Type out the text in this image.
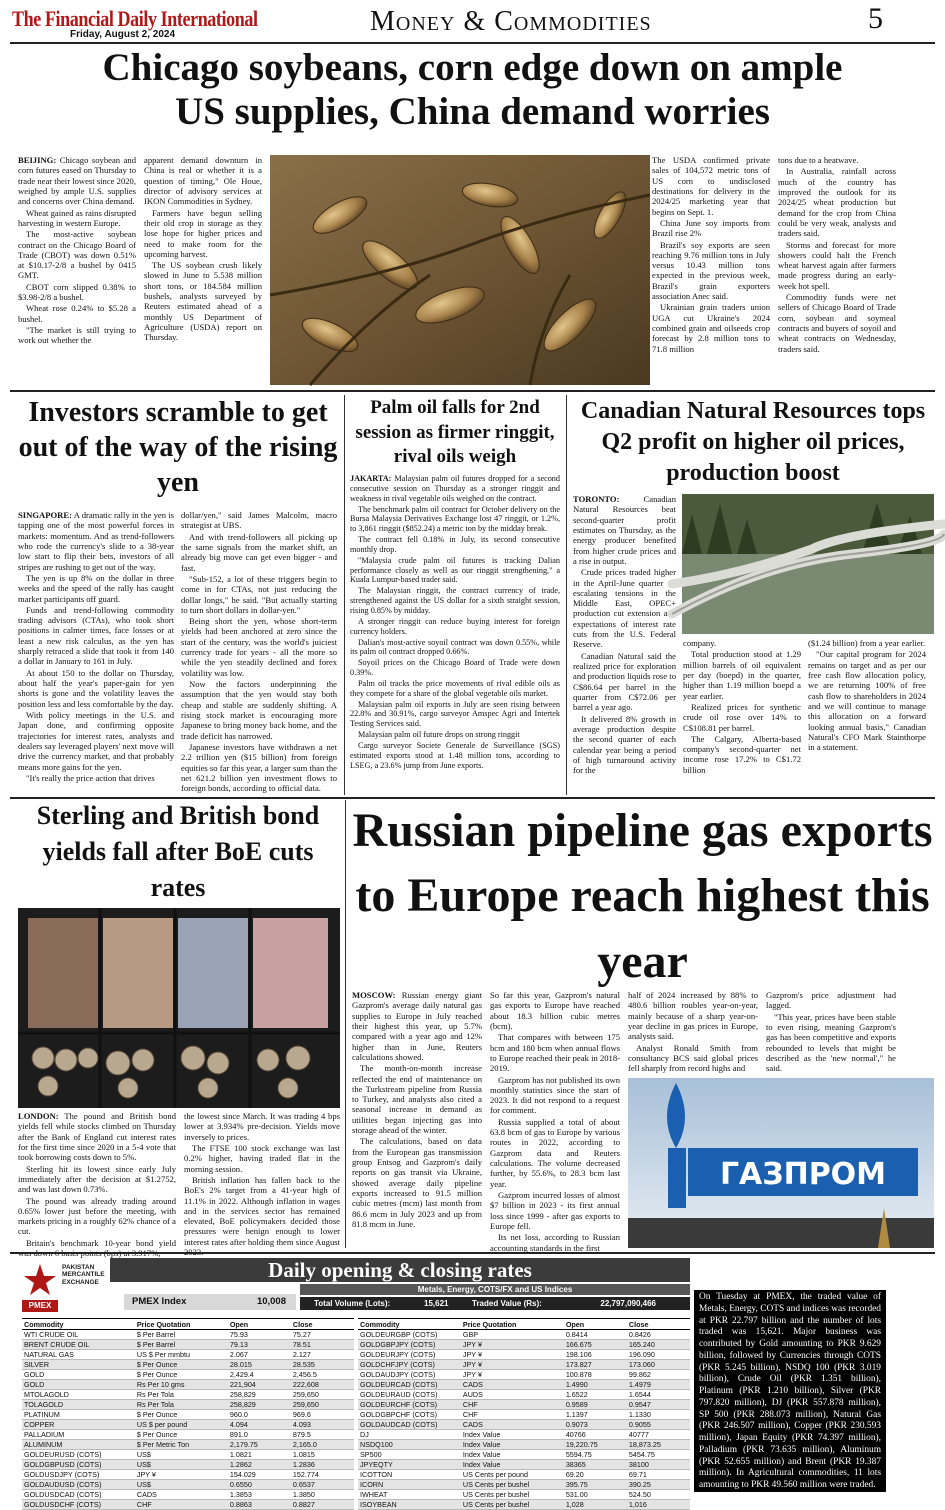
The Financial Daily International
Friday, August 2, 2024	Money & Commodities	5
Chicago soybeans, corn edge down on ample
US supplies, China demand worries

BEIJING: Chicago soybean and corn futures eased on Thursday to trade near their lowest since 2020, weighed by ample U.S. supplies and concerns over China demand.

Wheat gained as rains disrupted harvesting in western Europe.

The most-active soybean contract on the Chicago Board of Trade (CBOT) was down 0.51% at $10.17-2/8 a bushel by 0415 GMT.

CBOT corn slipped 0.38% to $3.98-2/8 a bushel.

Wheat rose 0.24% to $5.28 a bushel.

"The market is still trying to work out whether the

apparent demand downturn in China is real or whether it is a question of timing," Ole Houe, director of advisory services at IKON Commodities in Sydney.

Farmers have begun selling their old crop in storage as they lose hope for higher prices and need to make room for the upcoming harvest.

The US soybean crush likely slowed in June to 5.538 million short tons, or 184.584 million bushels, analysts surveyed by Reuters estimated ahead of a monthly US Department of Agriculture (USDA) report on Thursday.

The USDA confirmed private sales of 104,572 metric tons of US corn to undisclosed destinations for delivery in the 2024/25 marketing year that begins on Sept. 1.

China June soy imports from Brazil rise 2%

Brazil's soy exports are seen reaching 9.76 million tons in July versus 10.43 million tons expected in the previous week, Brazil's grain exporters association Anec said.

Ukrainian grain traders union UGA cut Ukraine's 2024 combined grain and oilseeds crop forecast by 2.8 million tons to 71.8 million

tons due to a heatwave.

In Australia, rainfall across much of the country has improved the outlook for its 2024/25 wheat production but demand for the crop from China could be very weak, analysts and traders said.

Storms and forecast for more showers could halt the French wheat harvest again after farmers made progress during an early-week hot spell.

Commodity funds were net sellers of Chicago Board of Trade corn, soybean and soymeal contracts and buyers of soyoil and wheat contracts on Wednesday, traders said.

Investors scramble to get out of the way of the rising yen

SINGAPORE: A dramatic rally in the yen is tapping one of the most powerful forces in markets: momentum. And as trend-followers who rode the currency's slide to a 38-year low start to flip their bets, investors of all stripes are rushing to get out of the way.

The yen is up 8% on the dollar in three weeks and the speed of the rally has caught market participants off guard.

Funds and trend-following commodity trading advisors (CTAs), who took short positions in calmer times, face losses or at least a new risk calculus, as the yen has sharply retraced a slide that took it from 140 a dollar in January to 161 in July.

At about 150 to the dollar on Thursday, about half the year's paper-gain for yen shorts is gone and the volatility leaves the position less and less comfortable by the day.

With policy meetings in the U.S. and Japan done, and confirming opposite trajectories for interest rates, analysts and dealers say leveraged players' next move will drive the currency market, and that probably means more gains for the yen.

"It's really the price action that drives

dollar/yen," said James Malcolm, macro strategist at UBS.

And with trend-followers all picking up the same signals from the market shift, an already big move can get even bigger - and fast.

"Sub-152, a lot of these triggers begin to come in for CTAs, not just reducing the dollar longs," he said. "But actually starting to turn short dollars in dollar-yen."

Being short the yen, whose short-term yields had been anchored at zero since the start of the century, was the world's juiciest currency trade for years - all the more so while the yen steadily declined and forex volatility was low.

Now the factors underpinning the assumption that the yen would stay both cheap and stable are suddenly shifting. A rising stock market is encouraging more Japanese to bring money back home, and the trade deficit has narrowed.

Japanese investors have withdrawn a net 2.2 trillion yen ($15 billion) from foreign equities so far this year, a larger sum than the net 621.2 billion yen investment flows to foreign bonds, according to official data.

Palm oil falls for 2nd session as firmer ringgit, rival oils weigh

JAKARTA: Malaysian palm oil futures dropped for a second consecutive session on Thursday as a stronger ringgit and weakness in rival vegetable oils weighed on the contract.

The benchmark palm oil contract for October delivery on the Bursa Malaysia Derivatives Exchange lost 47 ringgit, or 1.2%, to 3,861 ringgit ($852.24) a metric ton by the midday break.

The contract fell 0.18% in July, its second consecutive monthly drop.

"Malaysia crude palm oil futures is tracking Dalian performance closely as well as our ringgit strengthening," a Kuala Lumpur-based trader said.

The Malaysian ringgit, the contract currency of trade, strengthened against the US dollar for a sixth straight session, rising 0.85% by midday.

A stronger ringgit can reduce buying interest for foreign currency holders.

Dalian's most-active soyoil contract was down 0.55%, while its palm oil contract dropped 0.66%.

Soyoil prices on the Chicago Board of Trade were down 0.39%.

Palm oil tracks the price movements of rival edible oils as they compete for a share of the global vegetable oils market.

Malaysian palm oil exports in July are seen rising between 22.8% and 30.91%, cargo surveyor Amspec Agri and Intertek Testing Services said.

Malaysian palm oil future drops on strong ringgit

Cargo surveyor Societe Generale de Surveillance (SGS) estimated exports stood at 1.48 million tons, according to LSEG, a 23.6% jump from June exports.

Canadian Natural Resources tops Q2 profit on higher oil prices, production boost

TORONTO:	Canadian Natural Resources beat second-quarter profit estimates on Thursday, as the energy producer benefited from higher crude prices and a rise in output.

Crude prices traded higher in the April-June quarter on escalating tensions in the Middle East, OPEC+ production cut extension and expectations of interest rate cuts from the U.S. Federal Reserve.

Canadian Natural said the realized price for exploration and production liquids rose to C$86.64 per barrel in the quarter from C$72.06 per barrel a year ago.

It delivered 8% growth in average production despite the second quarter of each calendar year being a period of high turnaround activity for the

company.

Total production stood at 1.29 million barrels of oil equivalent per day (boepd) in the quarter, higher than 1.19 million boepd a year earlier.

Realized prices for synthetic crude oil rose over 14% to C$108.81 per barrel.

The Calgary, Alberta-based company's second-quarter net income rose 17.2% to C$1.72 billion

($1.24 billion) from a year earlier.

"Our capital program for 2024 remains on target and as per our free cash flow allocation policy, we are returning 100% of free cash flow to shareholders in 2024 and we will continue to manage this allocation on a forward looking annual basis," Canadian Natural's CFO Mark Stainthorpe in a statement.

Sterling and British bond yields fall after BoE cuts rates

LONDON: The pound and British bond yields fell while stocks climbed on Thursday after the Bank of England cut interest rates for the first time since 2020 in a 5-4 vote that took borrowing costs down to 5%.

Sterling hit its lowest since early July immediately after the decision at $1.2752, and was last down 0.73%.

The pound was already trading around 0.65% lower just before the meeting, with markets pricing in a roughly 62% chance of a cut.

Britain's benchmark 10-year bond yield

the lowest since March. It was trading 4 bps lower at 3.934% pre-decision. Yields move inversely to prices.

The FTSE 100 stock exchange was last 0.2% higher, having traded flat in the morning session.

British inflation has fallen back to the BoE's 2% target from a 41-year high of 11.1% in 2022. Although inflation in wages and in the services sector has remained elevated, BoE policymakers decided those pressures were benign enough to lower interest rates after holding them since August

Russian pipeline gas exports to Europe reach highest this year

MOSCOW: Russian energy giant Gazprom's average daily natural gas supplies to Europe in July reached their highest this year, up 5.7% compared with a year ago and 12% higher than in June, Reuters calculations showed.

The month-on-month increase reflected the end of maintenance on the Turkstream pipeline from Russia to Turkey, and analysts also cited a seasonal increase in demand as utilities began injecting gas into storage ahead of the winter.

The calculations, based on data from the European gas transmission group Entsog and Gazprom's daily reports on gas transit via Ukraine, showed average daily pipeline exports increased to 91.5 million cubic metres (mcm) last month from 86.6 mcm in July 2023 and up from 81.8 mcm in June.

So far this year, Gazprom's natural gas exports to Europe have reached about 18.3 billion cubic metres (bcm).

That compares with between 175 bcm and 180 bcm when annual flows to Europe reached their peak in 2018-2019.

Gazprom has not published its own monthly statistics since the start of 2023. It did not respond to a request for comment.

Russia supplied a total of about 63.8 bcm of gas to Europe by various routes in 2022, according to Gazprom data and Reuters calculations. The volume decreased further, by 55.6%, to 28.3 bcm last year.

Gazprom incurred losses of almost $7 billion in 2023 - its first annual loss since 1999 - after gas exports to Europe fell.

Its net loss, according to Russian accounting standards in the first

half of 2024 increased by 88% to 480.6 billion roubles year-on-year, mainly because of a sharp year-on-year decline in gas prices in Europe, analysts said.

Analyst Ronald Smith from consultancy BCS said global prices fell sharply from record highs and

Gazprom's price adjustment had lagged.

"This year, prices have been stable to even rising, meaning Gazprom's gas has been competitive and exports rebounded to levels that might be described as the 'new normal'," he said.

ГАЗПРОМ
PAKISTAN
MERCANTILE
EXCHANGE
PMEX
Daily opening & closing rates
Metals, Energy, COTS/FX and US Indices
PMEX Index	10,008	Total Volume (Lots):	15,621	Traded Value (Rs):	22,797,090,466
Commodity	Price Quotation	Open	Close
WTI CRUDE OIL	$ Per Barrel	75.93	75.27
BRENT CRUDE OIL	$ Per Barrel	79.13	78.51
NATURAL GAS	US $ Per mmbtu	2.067	2.127
SILVER	$ Per Ounce	28.015	28.535
GOLD	$ Per Ounce	2,429.4	2,456.5
GOLD	Rs Per 10 gms	221,904	222,608
MTOLAGOLD	Rs Per Tola	258,829	259,650
TOLAGOLD	Rs Per Tola	258,829	259,650
PLATINUM	$ Per Ounce	960.0	969.6
COPPER	US $ per pound	4.094	4.093
PALLADIUM	$ Per Ounce	891.0	879.5
ALUMINUM	$ Per Metric Ton	2,179.75	2,165.0
GOLDEURUSD (COTS)	US$	1.0821	1.0815
GOLDGBPUSD (COTS)	US$	1.2862	1.2836
GOLDUSDJPY (COTS)	JPY ¥	154.029	152.774
GOLDAUDUSD (COTS)	US$	0.6550	0.6537
GOLDUSDCAD (COTS)	CADS	1.3853	1.3850
GOLDUSDCHF (COTS)	CHF	0.8863	0.8827
Commodity	Price Quotation	Open	Close
GOLDEURGBP (COTS)	GBP	0.8414	0.8426
GOLDGBPJPY (COTS)	JPY ¥	166.675	165.240
GOLDEURJPY (COTS)	JPY ¥	198.106	196.090
GOLDCHFJPY (COTS)	JPY ¥	173.827	173.060
GOLDAUDJPY (COTS)	JPY ¥	100.878	99.862
GOLDEURCAD (COTS)	CADS	1.4990	1.4979
GOLDEURAUD (COTS)	AUDS	1.6522	1.6544
GOLDEURCHF (COTS)	CHF	0.9589	0.9547
GOLDGBPCHF (COTS)	CHF	1.1397	1.1330
GOLDAUDCAD (COTS)	CADS	0.9073	0.9055
DJ	Index Value	40766	40777
NSDQ100	Index Value	19,220.75	18,873.25
SP500	Index Value	5594.75	5454.75
JPYEQTY	Index Value	38365	38100
ICOTTON	US Cents per pound	69.20	69.71
ICORN	US Cents per bushel	395.75	390.25
IWHEAT	US Cents per bushel	531.00	524.50
ISOYBEAN	US Cents per bushel	1,028	1,016
On Tuesday at PMEX, the traded value of Metals, Energy, COTS and indices was recorded at PKR 22.797 billion and the number of lots traded was 15,621. Major business was contributed by Gold amounting to PKR 9.629 billion, followed by Currencies through COTS (PKR 5.245 billion), NSDQ 100 (PKR 3.019 billion), Crude Oil (PKR 1.351 billion), Platinum (PKR 1.210 billion), Silver (PKR 797.820 million), DJ (PKR 557.878 million), SP 500 (PKR 288.073 million), Natural Gas (PKR 246.507 million), Copper (PKR 230.593 million), Japan Equity (PKR 74.397 million), Palladium (PKR 73.635 million), Aluminum (PKR 52.655 million) and Brent (PKR 19.387 million). In Agricultural commodities, 11 lots amounting to PKR 49.560 million were traded.
